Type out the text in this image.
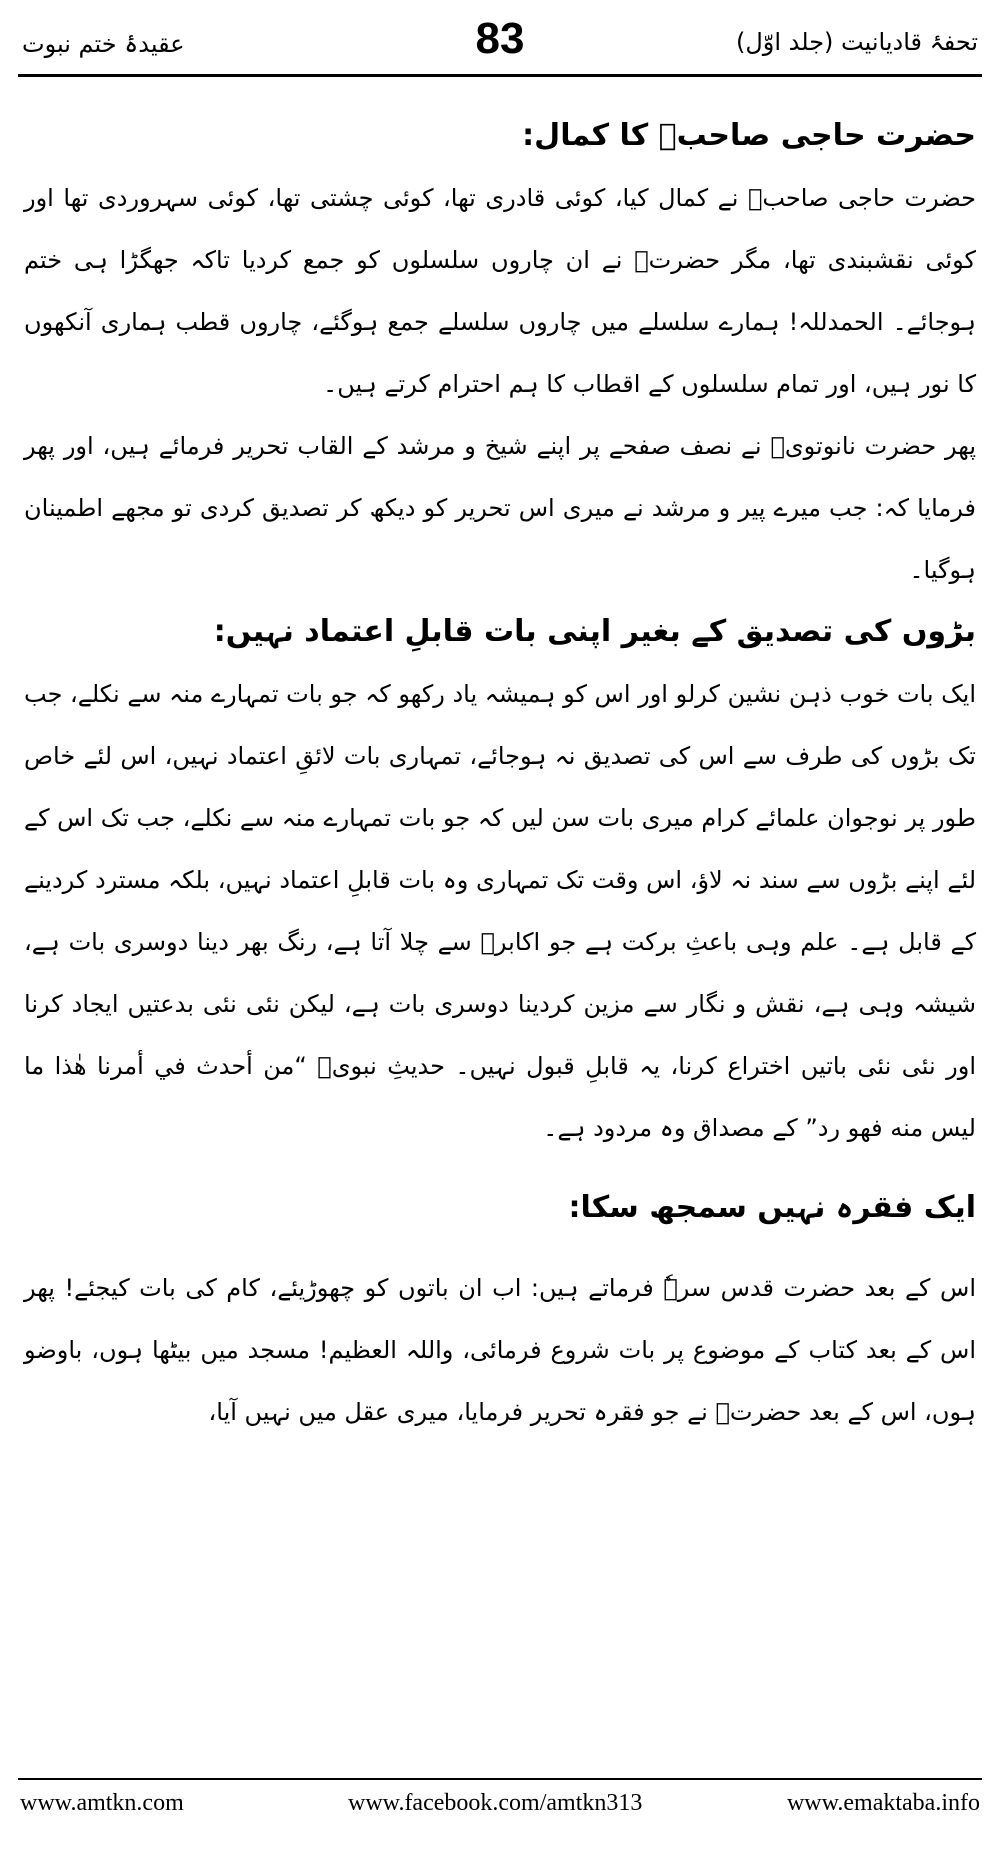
تحفۂ قادیانیت (جلد اوّل)
83
عقیدۂ ختم نبوت
حضرت حاجی صاحبؒ کا کمال:

حضرت حاجی صاحبؒ نے کمال کیا، کوئی قادری تھا، کوئی چشتی تھا، کوئی سہروردی تھا اور کوئی نقشبندی تھا، مگر حضرتؒ نے ان چاروں سلسلوں کو جمع کردیا تاکہ جھگڑا ہی ختم ہوجائے۔ الحمدللہ! ہمارے سلسلے میں چاروں سلسلے جمع ہوگئے، چاروں قطب ہماری آنکھوں کا نور ہیں، اور تمام سلسلوں کے اقطاب کا ہم احترام کرتے ہیں۔

پھر حضرت نانوتویؒ نے نصف صفحے پر اپنے شیخ و مرشد کے القاب تحریر فرمائے ہیں، اور پھر فرمایا کہ: جب میرے پیر و مرشد نے میری اس تحریر کو دیکھ کر تصدیق کردی تو مجھے اطمینان ہوگیا۔

بڑوں کی تصدیق کے بغیر اپنی بات قابلِ اعتماد نہیں:

ایک بات خوب ذہن نشین کرلو اور اس کو ہمیشہ یاد رکھو کہ جو بات تمہارے منہ سے نکلے، جب تک بڑوں کی طرف سے اس کی تصدیق نہ ہوجائے، تمہاری بات لائقِ اعتماد نہیں، اس لئے خاص طور پر نوجوان علمائے کرام میری بات سن لیں کہ جو بات تمہارے منہ سے نکلے، جب تک اس کے لئے اپنے بڑوں سے سند نہ لاؤ، اس وقت تک تمہاری وہ بات قابلِ اعتماد نہیں، بلکہ مسترد کردینے کے قابل ہے۔ علم وہی باعثِ برکت ہے جو اکابرؒ سے چلا آتا ہے، رنگ بھر دینا دوسری بات ہے، شیشہ وہی ہے، نقش و نگار سے مزین کردینا دوسری بات ہے، لیکن نئی نئی بدعتیں ایجاد کرنا اور نئی نئی باتیں اختراع کرنا، یہ قابلِ قبول نہیں۔ حدیثِ نبویؐ “من أحدث في أمرنا هٰذا ما ليس منه فهو رد” کے مصداق وہ مردود ہے۔

ایک فقرہ نہیں سمجھ سکا:

اس کے بعد حضرت قدس سرہٗ فرماتے ہیں: اب ان باتوں کو چھوڑیئے، کام کی بات کیجئے! پھر اس کے بعد کتاب کے موضوع پر بات شروع فرمائی، واللہ العظیم! مسجد میں بیٹھا ہوں، باوضو ہوں، اس کے بعد حضرتؒ نے جو فقرہ تحریر فرمایا، میری عقل میں نہیں آیا،

www.amtkn.com	www.facebook.com/amtkn313	www.emaktaba.info
